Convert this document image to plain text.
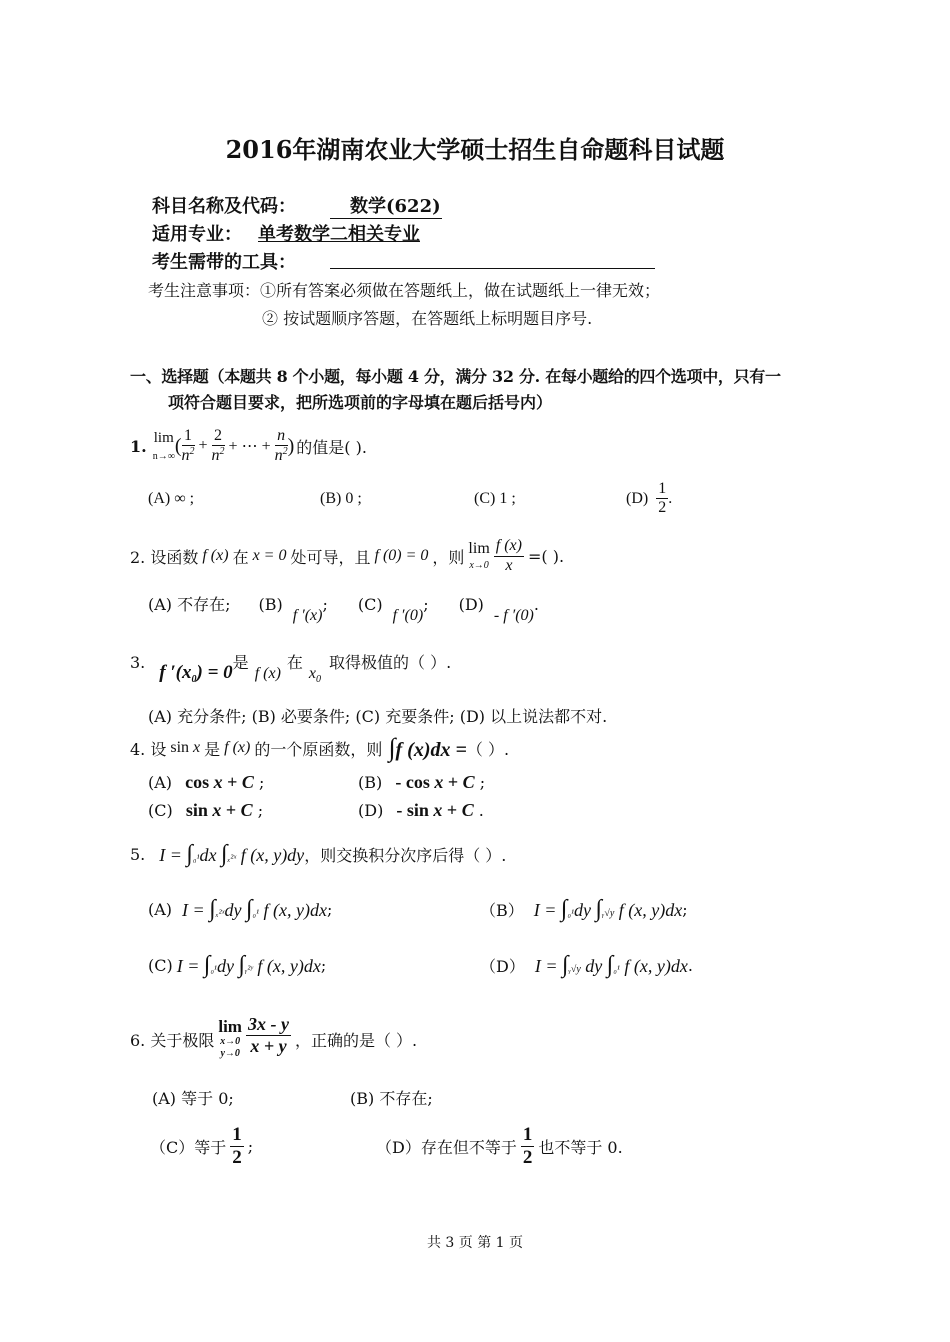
2016年湖南农业大学硕士招生自命题科目试题
科目名称及代码：	数学(622)
适用专业： 单考数学二相关专业
考生需带的工具：
考生注意事项：①所有答案必须做在答题纸上，做在试题纸上一律无效；
② 按试题顺序答题，在答题纸上标明题目序号.
一、选择题（本题共 8 个小题，每小题 4 分，满分 32 分. 在每小题给的四个选项中，只有一
项符合题目要求，把所选项前的字母填在题后括号内）
1. lim
n→∞ ( $\frac{1}{n^2} + \frac{2}{n^2}$ + ⋯ + $\frac{n}{n^2}$ ) 的值是( ).
(A) ∞ ;	(B) 0 ;	(C) 1 ;	$(D) \frac{1}{2}$ .
2. 设函数 f (x) 在 x = 0 处可导，且 f (0) = 0 ，则 lim
$x\to 0 \frac{f (x)}{x}$ =( ).
(A) 不存在; (B)
f ′(x)
; (C)
f ′(0)
; (D)
- f ′(0)
.
3. f $'(x_0) = 0$ 是
f (x)
在
$x_0$
取得极值的（ ）.
(A) 充分条件; (B) 必要条件; (C) 充要条件; (D) 以上说法都不对.
4. 设 sin x 是 f (x) 的一个原函数，则 ∫f (x)dx = （ ）.
(A) cos x + C ;	(B) - cos x + C ;
(C) sin x + C ;	(D) - sin x + C .
5. I = ∫₀¹dx ∫ₓ²ˣ f (x, y)dy ，则交换积分次序后得（ ）.
(A) I = ∫ₓ²ˣdy ∫₀¹ f (x, y)dx ;	（B） I = ∫₀¹dy ∫ᵧ√y f (x, y)dx ;
(C) I = ∫₀¹dy ∫ᵧ²ʸ f (x, y)dx ;	（D） I = ∫ᵧ√y dy ∫₀¹ f (x, y)dx .
6. 关于极限
lim
x→0
$y\to 0 \frac{3x - y}{x + y}$ ，正确的是（ ）.
(A) 等于 0;	(B) 不存在;
（C）等于 $\frac{1}{2}$ ;	（D）存在但不等于 $\frac{1}{2}$ 也不等于 0.
共 3 页 第 1 页
